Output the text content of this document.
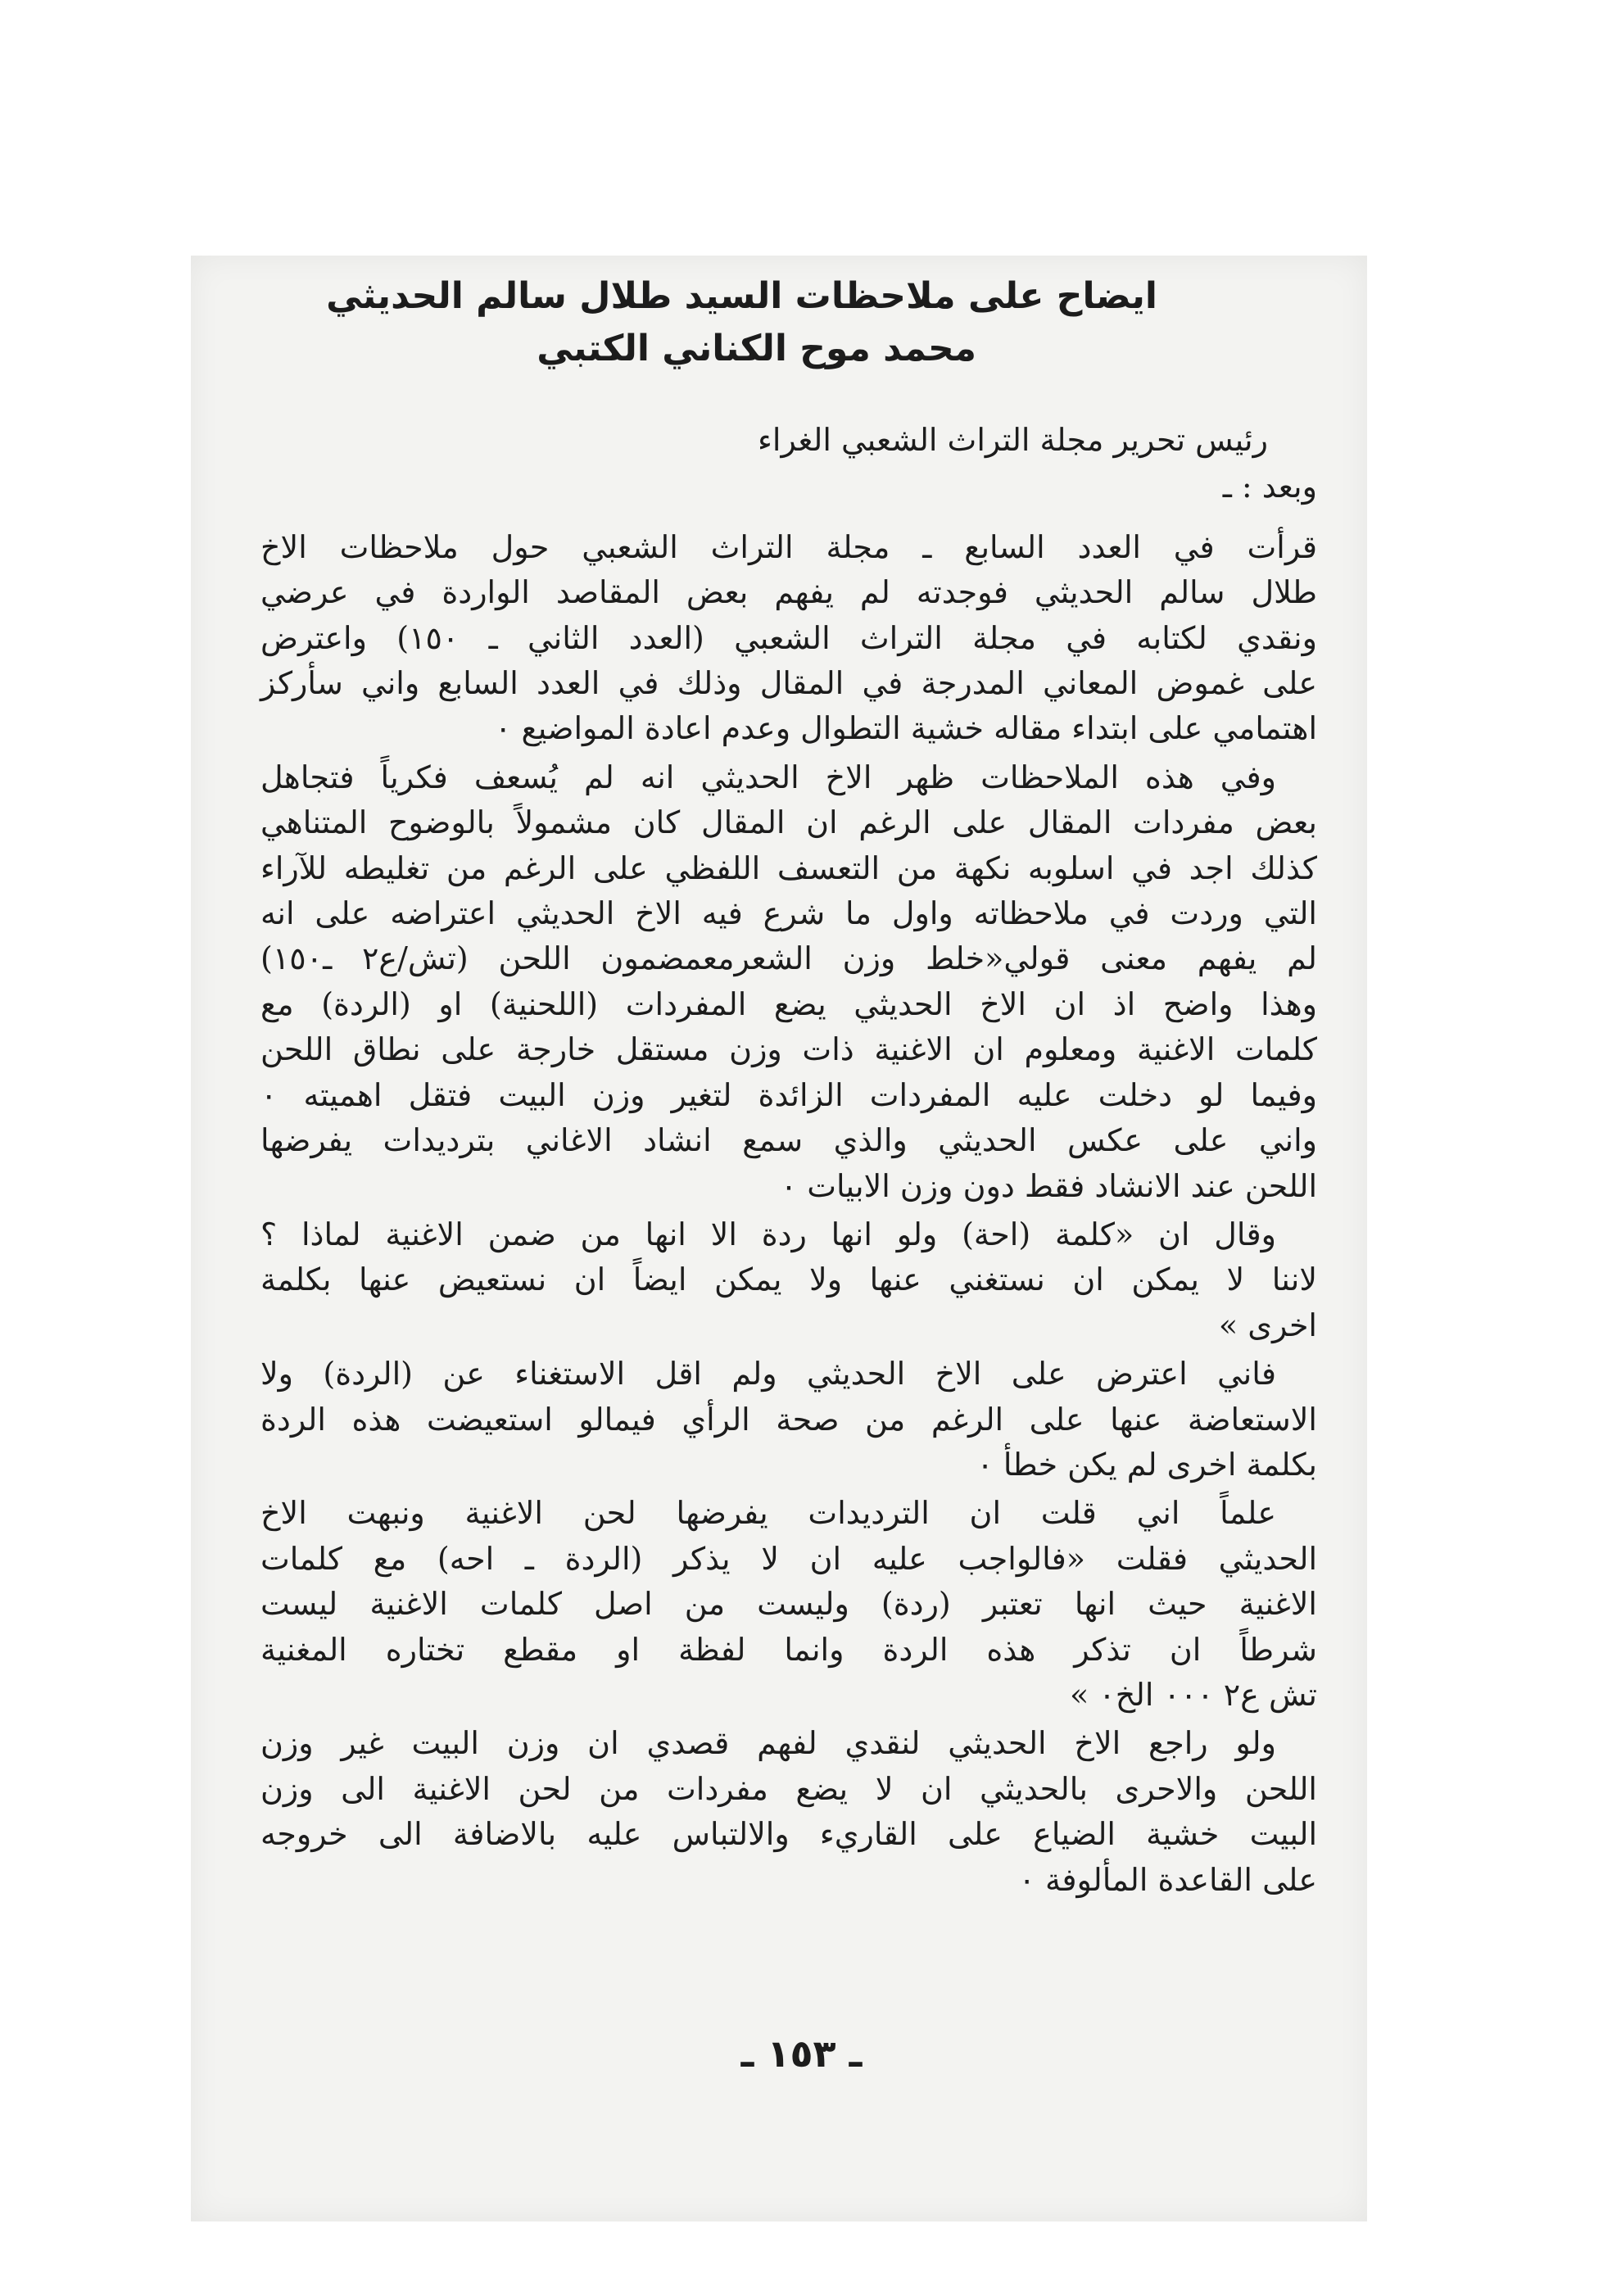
ايضاح على ملاحظات السيد طلال سالم الحديثي

محمد موح الكناني الكتبي

رئيس تحرير مجلة التراث الشعبي الغراء

وبعد : ـ

قرأت في العدد السابع ـ مجلة التراث الشعبي حول ملاحظات الاخ

طلال سالم الحديثي فوجدته لم يفهم بعض المقاصد الواردة في عرضي

ونقدي لكتابه في مجلة التراث الشعبي (العدد الثاني ـ ١٥٠) واعترض

على غموض المعاني المدرجة في المقال وذلك في العدد السابع واني سأركز

اهتمامي على ابتداء مقاله خشية التطوال وعدم اعادة المواضيع ٠

وفي هذه الملاحظات ظهر الاخ الحديثي انه لم يُسعف فكرياً فتجاهل

بعض مفردات المقال على الرغم ان المقال كان مشمولاً بالوضوح المتناهي

كذلك اجد في اسلوبه نكهة من التعسف اللفظي على الرغم من تغليطه للآراء

التي وردت في ملاحظاته واول ما شرع فيه الاخ الحديثي اعتراضه على انه

لم يفهم معنى قولي«خلط وزن الشعرمعمضمون اللحن (تش/ع٢ ـ١٥٠)

وهذا واضح اذ ان الاخ الحديثي يضع المفردات (اللحنية) او (الردة) مع

كلمات الاغنية ومعلوم ان الاغنية ذات وزن مستقل خارجة على نطاق اللحن

وفيما لو دخلت عليه المفردات الزائدة لتغير وزن البيت فتقل اهميته ٠

واني على عكس الحديثي والذي سمع انشاد الاغاني بترديدات يفرضها

اللحن عند الانشاد فقط دون وزن الابيات ٠

وقال ان «كلمة (احة) ولو انها ردة الا انها من ضمن الاغنية لماذا ؟

لاننا لا يمكن ان نستغني عنها ولا يمكن ايضاً ان نستعيض عنها بكلمة

اخرى »

فاني اعترض على الاخ الحديثي ولم اقل الاستغناء عن (الردة) ولا

الاستعاضة عنها على الرغم من صحة الرأي فيمالو استعيضت هذه الردة

بكلمة اخرى لم يكن خطأ ٠

علماً اني قلت ان الترديدات يفرضها لحن الاغنية ونبهت الاخ

الحديثي فقلت «فالواجب عليه ان لا يذكر (الردة ـ احه) مع كلمات

الاغنية حيث انها تعتبر (ردة) وليست من اصل كلمات الاغنية ليست

شرطاً ان تذكر هذه الردة وانما لفظة او مقطع تختاره المغنية

تش ع٢ ٠٠٠ الخ٠ »

ولو راجع الاخ الحديثي لنقدي لفهم قصدي ان وزن البيت غير وزن

اللحن والاحرى بالحديثي ان لا يضع مفردات من لحن الاغنية الى وزن

البيت خشية الضياع على القاريء والالتباس عليه بالاضافة الى خروجه

على القاعدة المألوفة ٠

ـ ١٥٣ ـ
